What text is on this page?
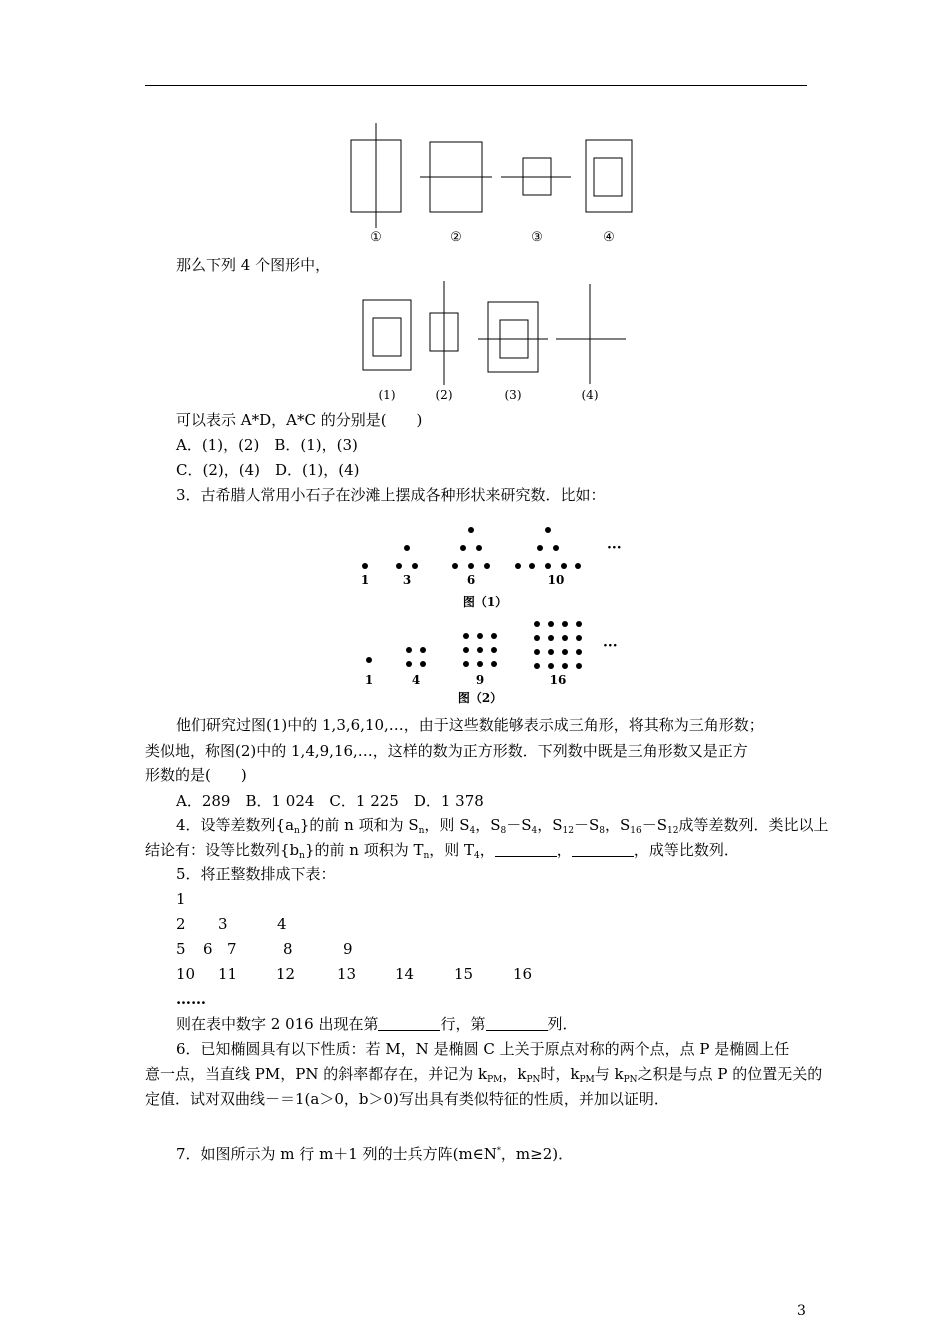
①	②	③	④
那么下列 4 个图形中，
(1)	(2)	(3)	(4)
可以表示 A*D，A*C 的分别是(　　)
A．(1)，(2)　B．(1)，(3)
C．(2)，(4)　D．(1)，(4)
3．古希腊人常用小石子在沙滩上摆成各种形状来研究数．比如：
···
1	3	6	10
图（1）
···
1	4	9	16
图（2）
他们研究过图(1)中的 1,3,6,10,…，由于这些数能够表示成三角形，将其称为三角形数；
类似地，称图(2)中的 1,4,9,16,…，这样的数为正方形数．下列数中既是三角形数又是正方
形数的是(　　)
A．289　B．1 024　C．1 225　D．1 378
4．设等差数列$\{a_n\}$的前 n 项和为 $S_n$，则 $S_4$，$S_8-S_4$，$S_{12}-S_8$，$S_{16}-S_{12}$成等差数列．类比以上
结论有：设等比数列$\{b_n\}$的前 n 项积为 $T_n$，则 $T_4$，	，	，成等比数列．
5．将正整数排成下表：
1
2 3	4
5 6 7	8	9
10 11	12	13	14	15	16
……
则在表中数字 2 016 出现在第	行，第	列．
6．已知椭圆具有以下性质：若 M，N 是椭圆 C 上关于原点对称的两个点，点 P 是椭圆上任
意一点，当直线 PM，PN 的斜率都存在，并记为 $k_{PM}$，$k_{PN}$时，$k_{PM}$与 $k_{PN}$之积是与点 P 的位置无关的
定值．试对双曲线－＝1(a＞0，b＞0)写出具有类似特征的性质，并加以证明．
7．如图所示为 m 行 m＋1 列的士兵方阵(m∈N*，m≥2)．
3
